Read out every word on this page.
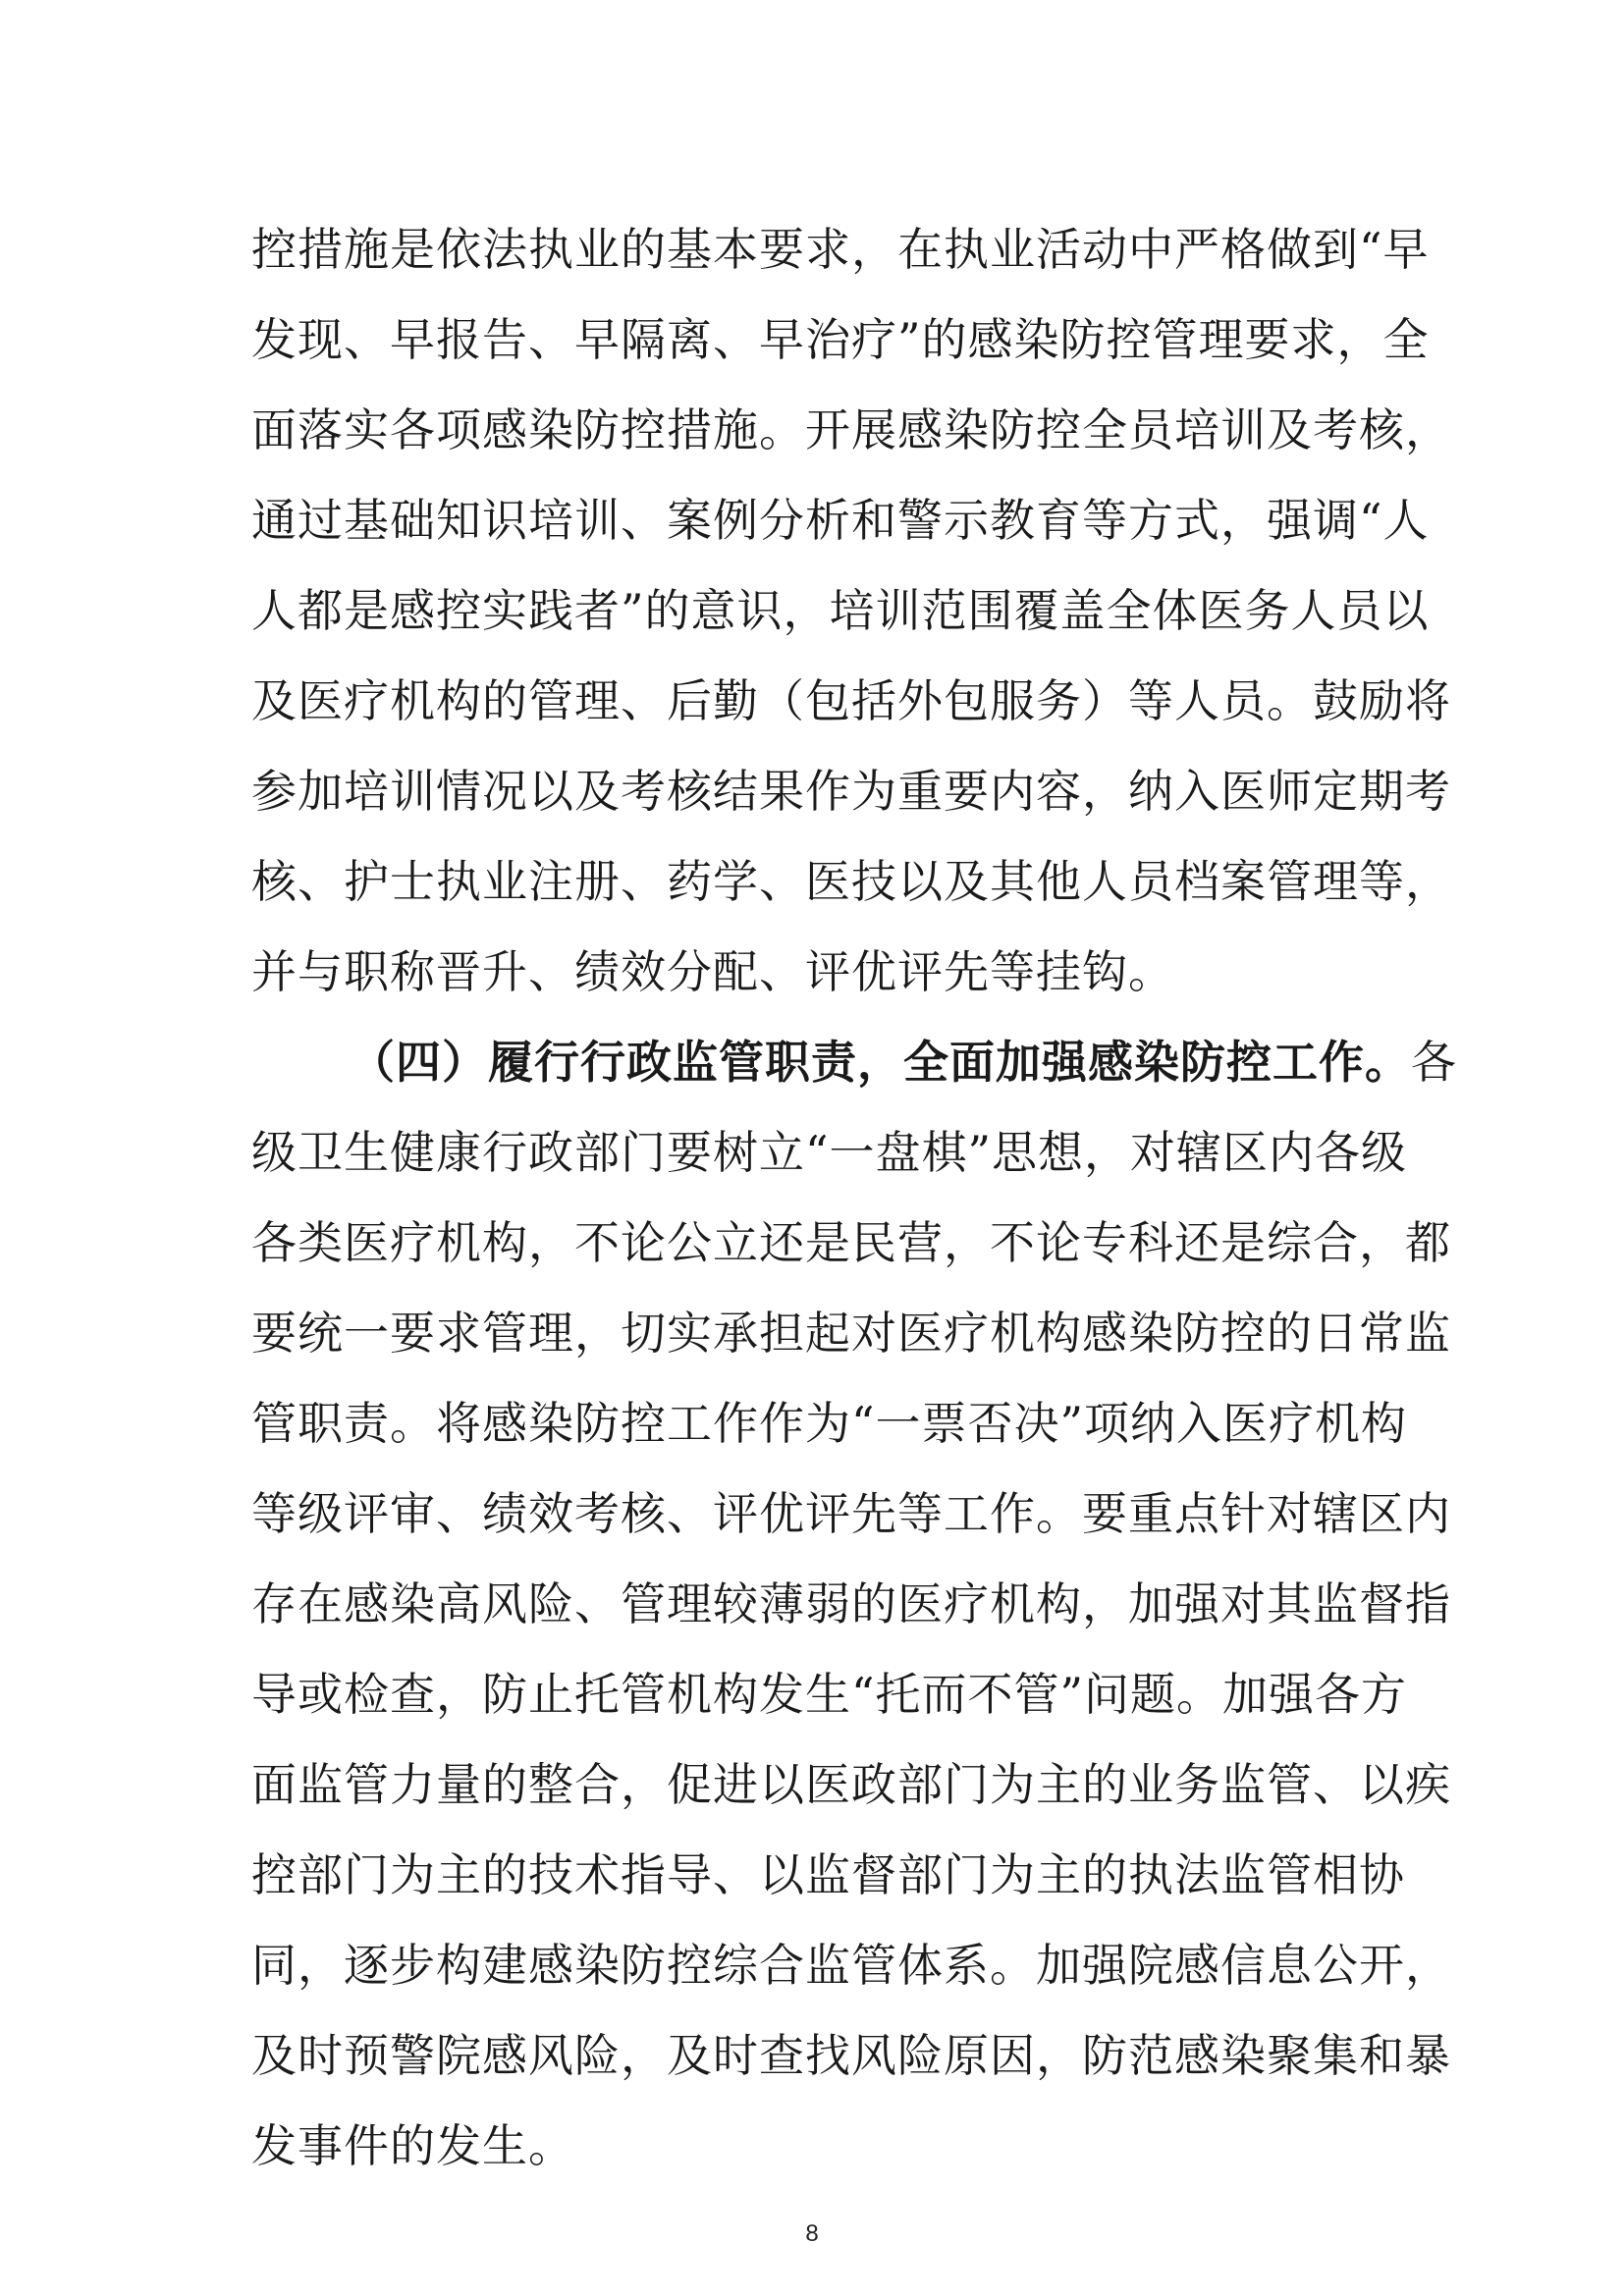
控措施是依法执业的基本要求，在执业活动中严格做到“早
发现、早报告、早隔离、早治疗”的感染防控管理要求，全
面落实各项感染防控措施。开展感染防控全员培训及考核，
通过基础知识培训、案例分析和警示教育等方式，强调“人
人都是感控实践者”的意识，培训范围覆盖全体医务人员以
及医疗机构的管理、后勤（包括外包服务）等人员。鼓励将
参加培训情况以及考核结果作为重要内容，纳入医师定期考
核、护士执业注册、药学、医技以及其他人员档案管理等，
并与职称晋升、绩效分配、评优评先等挂钩。
（四）履行行政监管职责，全面加强感染防控工作。各
级卫生健康行政部门要树立“一盘棋”思想，对辖区内各级
各类医疗机构，不论公立还是民营，不论专科还是综合，都
要统一要求管理，切实承担起对医疗机构感染防控的日常监
管职责。将感染防控工作作为“一票否决”项纳入医疗机构
等级评审、绩效考核、评优评先等工作。要重点针对辖区内
存在感染高风险、管理较薄弱的医疗机构，加强对其监督指
导或检查，防止托管机构发生“托而不管”问题。加强各方
面监管力量的整合，促进以医政部门为主的业务监管、以疾
控部门为主的技术指导、以监督部门为主的执法监管相协
同，逐步构建感染防控综合监管体系。加强院感信息公开，
及时预警院感风险，及时查找风险原因，防范感染聚集和暴
发事件的发生。
8
